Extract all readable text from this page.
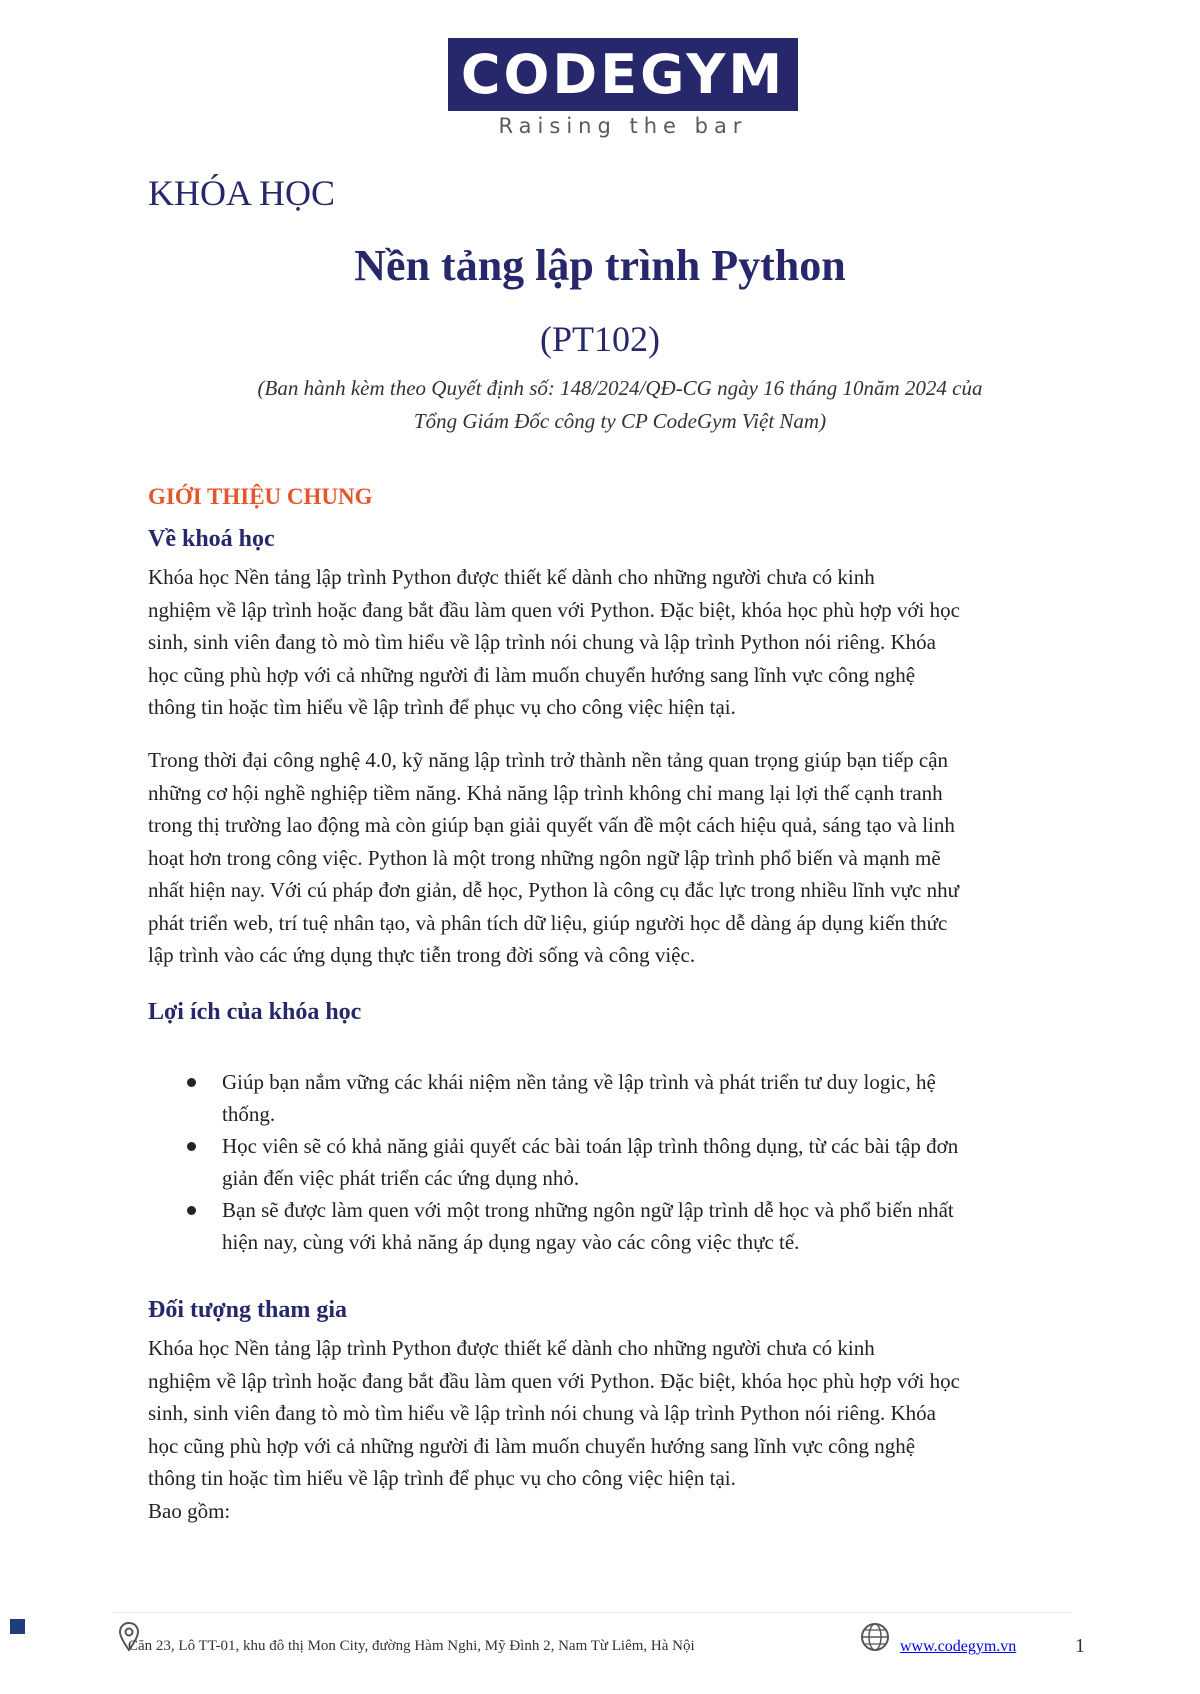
CODEGYM
Raising the bar
KHÓA HỌC
Nền tảng lập trình Python
(PT102)
(Ban hành kèm theo Quyết định số: 148/2024/QĐ-CG ngày 16 tháng 10năm 2024 của
Tổng Giám Đốc công ty CP CodeGym Việt Nam)
GIỚI THIỆU CHUNG
Về khoá học
Khóa học Nền tảng lập trình Python được thiết kế dành cho những người chưa có kinh
nghiệm về lập trình hoặc đang bắt đầu làm quen với Python. Đặc biệt, khóa học phù hợp với học
sinh, sinh viên đang tò mò tìm hiểu về lập trình nói chung và lập trình Python nói riêng. Khóa
học cũng phù hợp với cả những người đi làm muốn chuyển hướng sang lĩnh vực công nghệ
thông tin hoặc tìm hiểu về lập trình để phục vụ cho công việc hiện tại.
Trong thời đại công nghệ 4.0, kỹ năng lập trình trở thành nền tảng quan trọng giúp bạn tiếp cận
những cơ hội nghề nghiệp tiềm năng. Khả năng lập trình không chỉ mang lại lợi thế cạnh tranh
trong thị trường lao động mà còn giúp bạn giải quyết vấn đề một cách hiệu quả, sáng tạo và linh
hoạt hơn trong công việc. Python là một trong những ngôn ngữ lập trình phổ biến và mạnh mẽ
nhất hiện nay. Với cú pháp đơn giản, dễ học, Python là công cụ đắc lực trong nhiều lĩnh vực như
phát triển web, trí tuệ nhân tạo, và phân tích dữ liệu, giúp người học dễ dàng áp dụng kiến thức
lập trình vào các ứng dụng thực tiễn trong đời sống và công việc.
Lợi ích của khóa học
Giúp bạn nắm vững các khái niệm nền tảng về lập trình và phát triển tư duy logic, hệ
thống.
Học viên sẽ có khả năng giải quyết các bài toán lập trình thông dụng, từ các bài tập đơn
giản đến việc phát triển các ứng dụng nhỏ.
Bạn sẽ được làm quen với một trong những ngôn ngữ lập trình dễ học và phổ biến nhất
hiện nay, cùng với khả năng áp dụng ngay vào các công việc thực tế.
Đối tượng tham gia
Khóa học Nền tảng lập trình Python được thiết kế dành cho những người chưa có kinh
nghiệm về lập trình hoặc đang bắt đầu làm quen với Python. Đặc biệt, khóa học phù hợp với học
sinh, sinh viên đang tò mò tìm hiểu về lập trình nói chung và lập trình Python nói riêng. Khóa
học cũng phù hợp với cả những người đi làm muốn chuyển hướng sang lĩnh vực công nghệ
thông tin hoặc tìm hiểu về lập trình để phục vụ cho công việc hiện tại.
Bao gồm:
Căn 23, Lô TT-01, khu đô thị Mon City, đường Hàm Nghi, Mỹ Đình 2, Nam Từ Liêm, Hà Nội	www.codegym.vn	1
